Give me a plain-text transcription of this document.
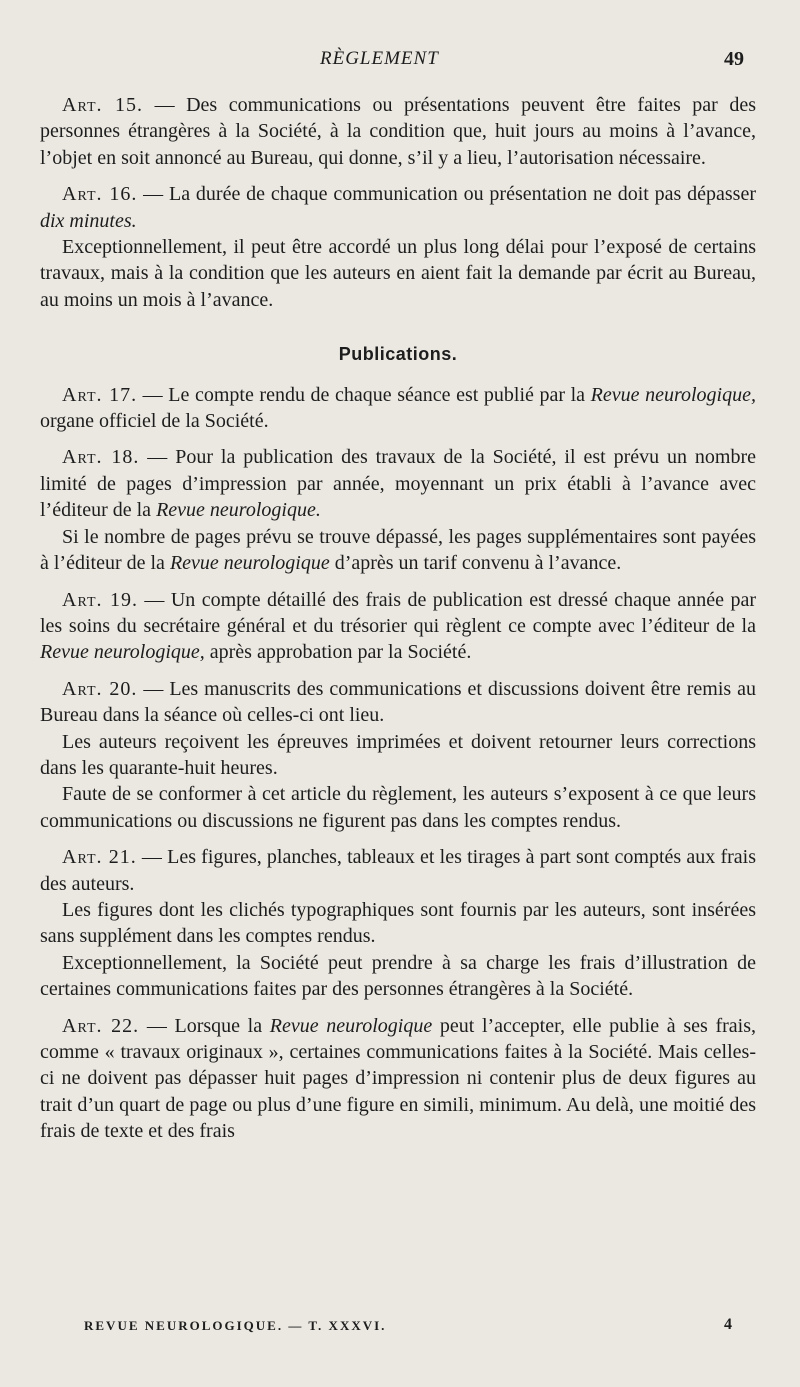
RÈGLEMENT	49

Art. 15. — Des communications ou présentations peuvent être faites par des personnes étrangères à la Société, à la condition que, huit jours au moins à l’avance, l’objet en soit annoncé au Bureau, qui donne, s’il y a lieu, l’autorisation nécessaire.

Art. 16. — La durée de chaque communication ou présentation ne doit pas dépasser dix minutes.

Exceptionnellement, il peut être accordé un plus long délai pour l’exposé de certains travaux, mais à la condition que les auteurs en aient fait la demande par écrit au Bureau, au moins un mois à l’avance.

Publications.

Art. 17. — Le compte rendu de chaque séance est publié par la Revue neurologique, organe officiel de la Société.

Art. 18. — Pour la publication des travaux de la Société, il est prévu un nombre limité de pages d’impression par année, moyennant un prix établi à l’avance avec l’éditeur de la Revue neurologique.

Si le nombre de pages prévu se trouve dépassé, les pages supplémentaires sont payées à l’éditeur de la Revue neurologique d’après un tarif convenu à l’avance.

Art. 19. — Un compte détaillé des frais de publication est dressé chaque année par les soins du secrétaire général et du trésorier qui règlent ce compte avec l’éditeur de la Revue neurologique, après approbation par la Société.

Art. 20. — Les manuscrits des communications et discussions doivent être remis au Bureau dans la séance où celles-ci ont lieu.

Les auteurs reçoivent les épreuves imprimées et doivent retourner leurs corrections dans les quarante-huit heures.

Faute de se conformer à cet article du règlement, les auteurs s’exposent à ce que leurs communications ou discussions ne figurent pas dans les comptes rendus.

Art. 21. — Les figures, planches, tableaux et les tirages à part sont comptés aux frais des auteurs.

Les figures dont les clichés typographiques sont fournis par les auteurs, sont insérées sans supplément dans les comptes rendus.

Exceptionnellement, la Société peut prendre à sa charge les frais d’illustration de certaines communications faites par des personnes étrangères à la Société.

Art. 22. — Lorsque la Revue neurologique peut l’accepter, elle publie à ses frais, comme « travaux originaux », certaines communications faites à la Société. Mais celles-ci ne doivent pas dépasser huit pages d’impression ni contenir plus de deux figures au trait d’un quart de page ou plus d’une figure en simili, minimum. Au delà, une moitié des frais de texte et des frais

REVUE NEUROLOGIQUE. — T. XXXVI.	4
